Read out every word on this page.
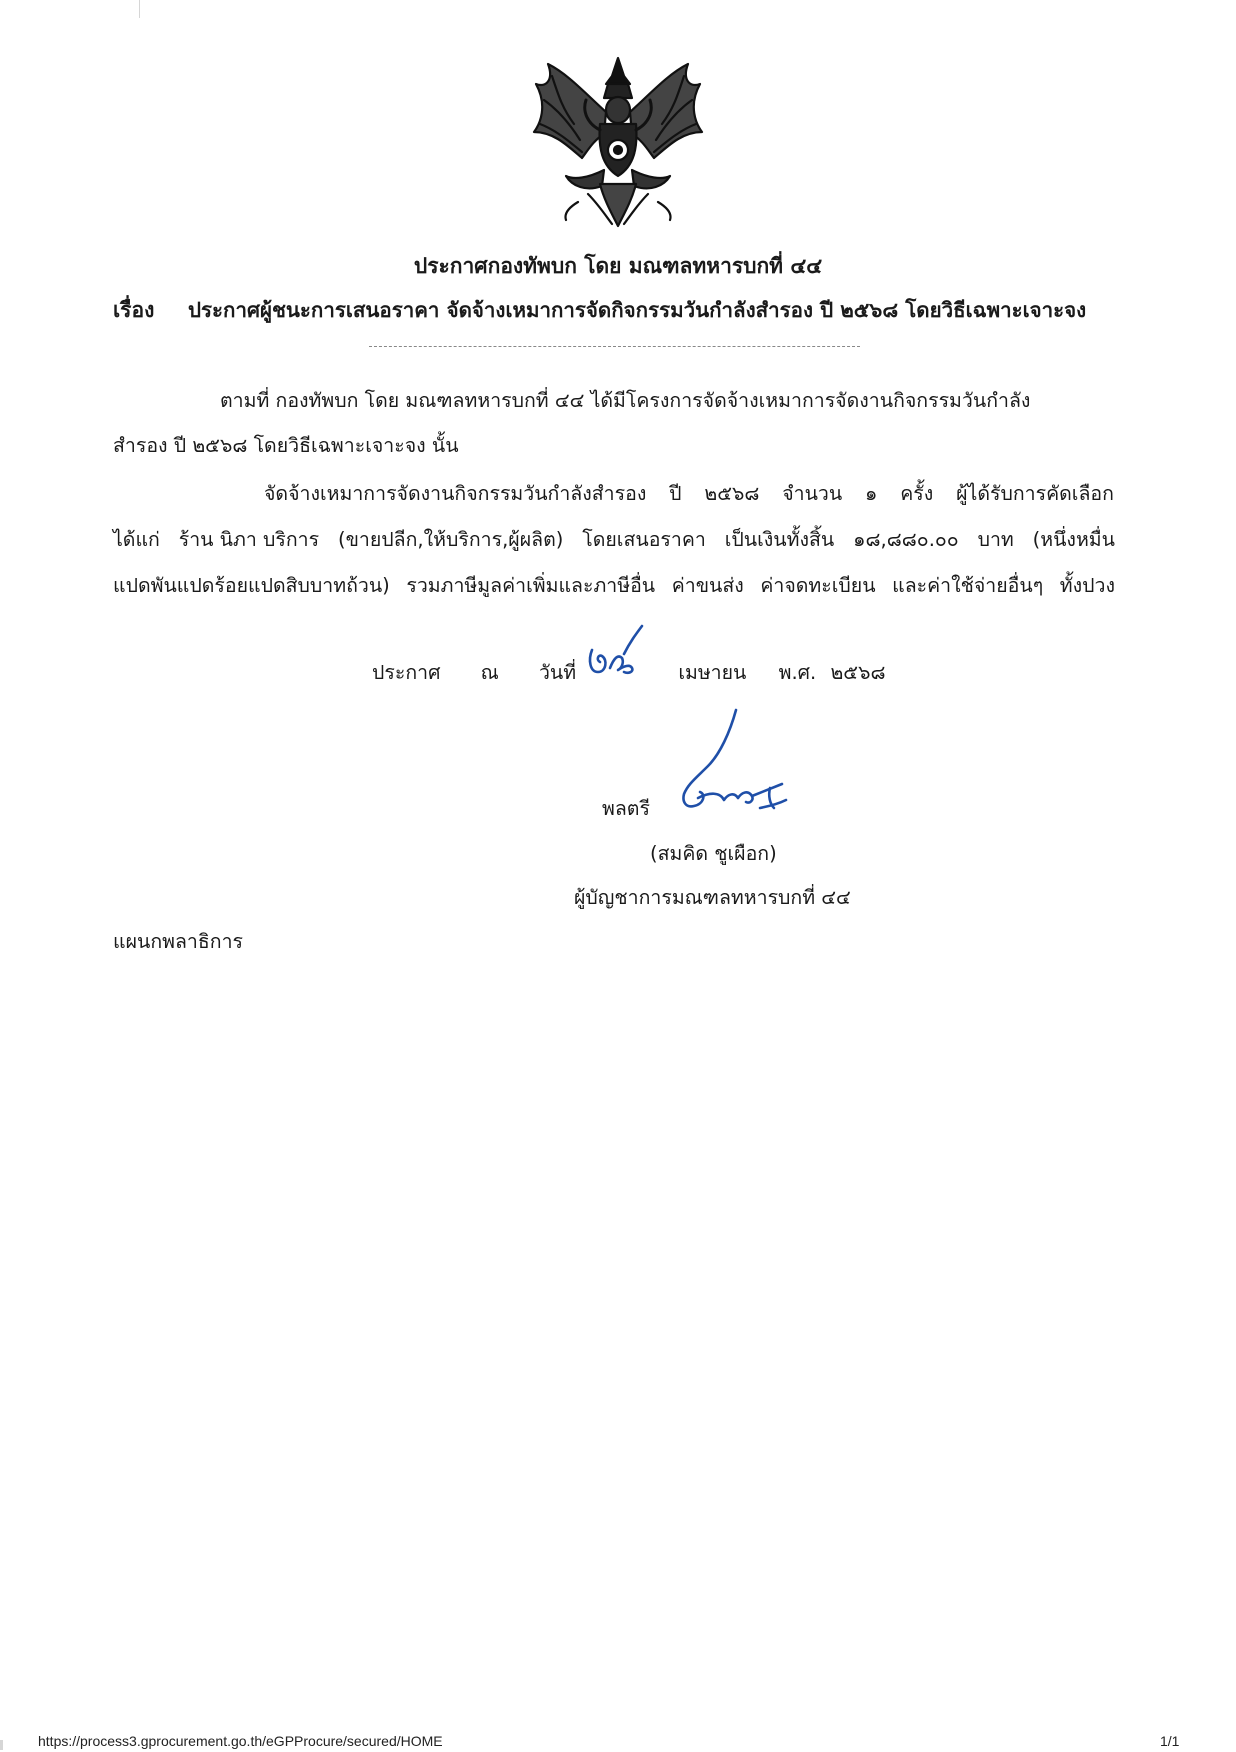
ประกาศกองทัพบก โดย มณฑลทหารบกที่ ๔๔
เรื่อง ประกาศผู้ชนะการเสนอราคา จัดจ้างเหมาการจัดกิจกรรมวันกำลังสำรอง ปี ๒๕๖๘ โดยวิธีเฉพาะเจาะจง
ตามที่ กองทัพบก โดย มณฑลทหารบกที่ ๔๔ ได้มีโครงการจัดจ้างเหมาการจัดงานกิจกรรมวันกำลัง
สำรอง ปี ๒๕๖๘ โดยวิธีเฉพาะเจาะจง นั้น
จัดจ้างเหมาการจัดงานกิจกรรมวันกำลังสำรอง ปี ๒๕๖๘ จำนวน ๑ ครั้ง ผู้ได้รับการคัดเลือก
ได้แก่ ร้าน นิภา บริการ (ขายปลีก,ให้บริการ,ผู้ผลิต) โดยเสนอราคา เป็นเงินทั้งสิ้น ๑๘,๘๘๐.๐๐ บาท (หนึ่งหมื่น
แปดพันแปดร้อยแปดสิบบาทถ้วน) รวมภาษีมูลค่าเพิ่มและภาษีอื่น ค่าขนส่ง ค่าจดทะเบียน และค่าใช้จ่ายอื่นๆ ทั้งปวง
ประกาศ ณ วันที่	เมษายน พ.ศ. ๒๕๖๘
พลตรี
(สมคิด ชูเผือก)
ผู้บัญชาการมณฑลทหารบกที่ ๔๔
แผนกพลาธิการ
https://process3.gprocurement.go.th/eGPProcure/secured/HOME	1/1
